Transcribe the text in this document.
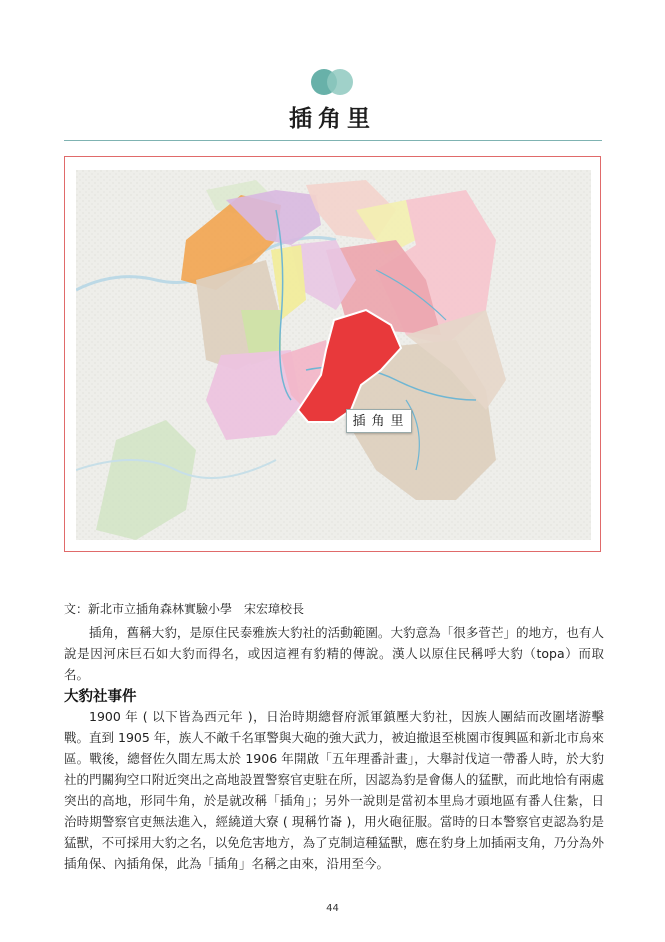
插角里
插角里
文：新北市立插角森林實驗小學　宋宏璋校長

插角，舊稱大豹，是原住民泰雅族大豹社的活動範圍。大豹意為「很多菅芒」的地方，也有人說是因河床巨石如大豹而得名，或因這裡有豹精的傳說。漢人以原住民稱呼大豹（topa）而取名。

大豹社事件

1900 年 ( 以下皆為西元年 )，日治時期總督府派軍鎮壓大豹社，因族人團結而改圍堵游擊戰。直到 1905 年，族人不敵千名軍警與大砲的強大武力，被迫撤退至桃園市復興區和新北市烏來區。戰後，總督佐久間左馬太於 1906 年開啟「五年理番計畫」，大舉討伐這一帶番人時，於大豹社的門關狗空口附近突出之高地設置警察官吏駐在所，因認為豹是會傷人的猛獸，而此地恰有兩處突出的高地，形同牛角，於是就改稱「插角」；另外一說則是當初本里烏才頭地區有番人住紮，日治時期警察官吏無法進入，經繞道大寮 ( 現稱竹崙 )，用火砲征服。當時的日本警察官吏認為豹是猛獸，不可採用大豹之名，以免危害地方，為了克制這種猛獸，應在豹身上加插兩支角，乃分為外插角保、內插角保，此為「插角」名稱之由來，沿用至今。

44
